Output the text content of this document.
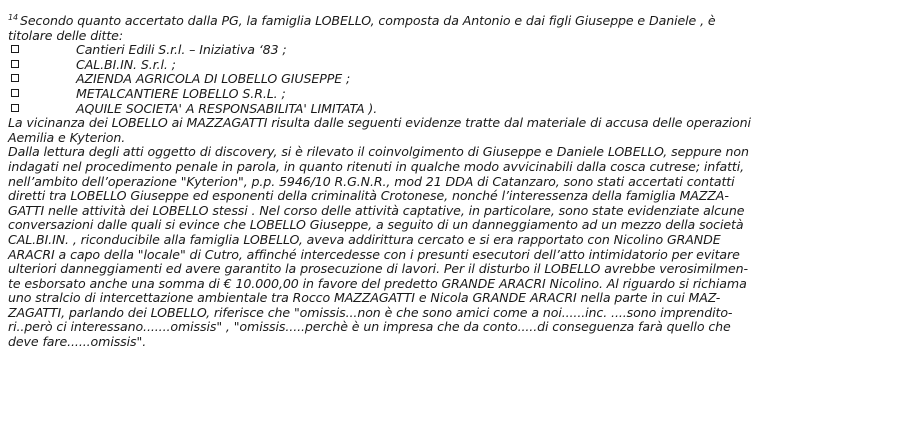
$^{14}$ Secondo quanto accertato dalla PG, la famiglia LOBELLO, composta da Antonio e dai figli Giuseppe e Daniele , è
titolare delle ditte:
Cantieri Edili S.r.l. – Iniziativa ‘83 ;
CAL.BI.IN. S.r.l. ;
AZIENDA AGRICOLA DI LOBELLO GIUSEPPE ;
METALCANTIERE LOBELLO S.R.L. ;
AQUILE SOCIETA' A RESPONSABILITA' LIMITATA ).
La vicinanza dei LOBELLO ai MAZZAGATTI risulta dalle seguenti evidenze tratte dal materiale di accusa delle operazioni
Aemilia e Kyterion.
Dalla lettura degli atti oggetto di discovery, si è rilevato il coinvolgimento di Giuseppe e Daniele LOBELLO, seppure non
indagati nel procedimento penale in parola, in quanto ritenuti in qualche modo avvicinabili dalla cosca cutrese; infatti,
nell’ambito dell’operazione "Kyterion", p.p. 5946/10 R.G.N.R., mod 21 DDA di Catanzaro, sono stati accertati contatti
diretti tra LOBELLO Giuseppe ed esponenti della criminalità Crotonese, nonché l’interessenza della famiglia MAZZA-
GATTI nelle attività dei LOBELLO stessi . Nel corso delle attività captative, in particolare, sono state evidenziate alcune
conversazioni dalle quali si evince che LOBELLO Giuseppe, a seguito di un danneggiamento ad un mezzo della società
CAL.BI.IN. , riconducibile alla famiglia LOBELLO, aveva addirittura cercato e si era rapportato con Nicolino GRANDE
ARACRI a capo della "locale" di Cutro, affinché intercedesse con i presunti esecutori dell’atto intimidatorio per evitare
ulteriori danneggiamenti ed avere garantito la prosecuzione di lavori. Per il disturbo il LOBELLO avrebbe verosimilmen-
te esborsato anche una somma di € 10.000,00 in favore del predetto GRANDE ARACRI Nicolino. Al riguardo si richiama
uno stralcio di intercettazione ambientale tra Rocco MAZZAGATTI e Nicola GRANDE ARACRI nella parte in cui MAZ-
ZAGATTI, parlando dei LOBELLO, riferisce che "omissis...non è che sono amici come a noi......inc. ....sono imprendito-
ri..però ci interessano.......omissis" , "omissis.....perchè è un impresa che da conto.....di conseguenza farà quello che
deve fare......omissis".
